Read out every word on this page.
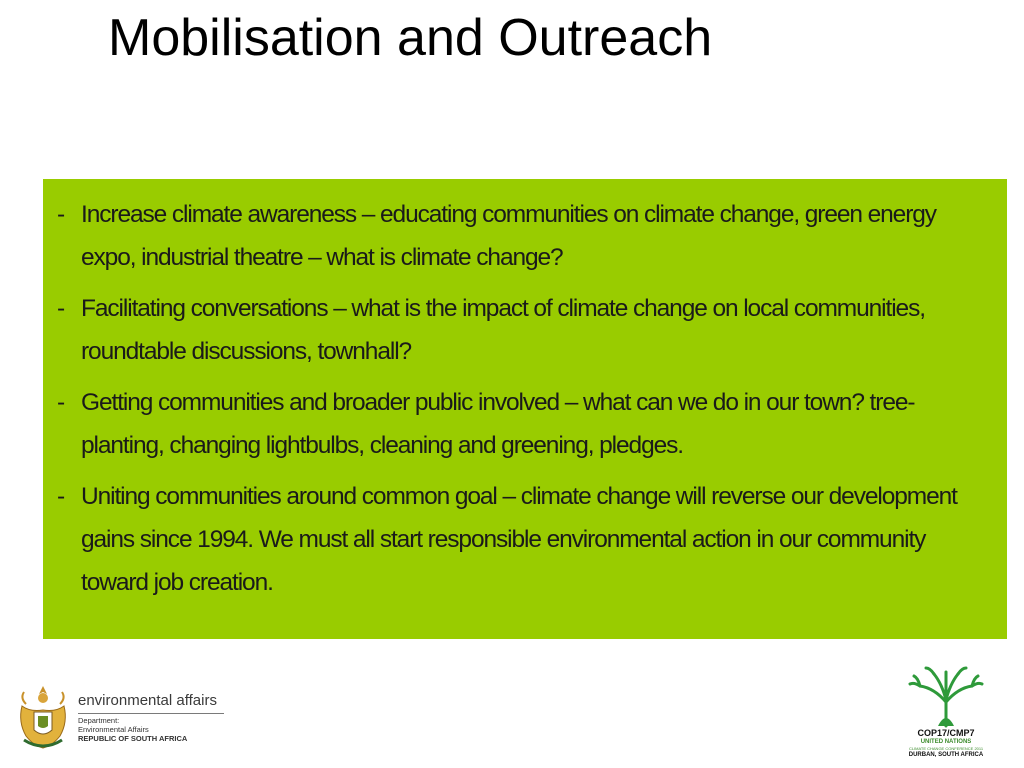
Mobilisation and Outreach
- Increase climate awareness – educating communities on climate change, green energy expo, industrial theatre – what is climate change?
- Facilitating conversations – what is the impact of climate change on local communities, roundtable discussions, townhall?
- Getting communities and broader public involved – what can we do in our town? tree-planting, changing lightbulbs, cleaning and greening, pledges.
- Uniting communities around common goal – climate change will reverse our development gains since 1994. We must all start responsible environmental action in our community toward job creation.
environmental affairs
Department:
Environmental Affairs
REPUBLIC OF SOUTH AFRICA
COP17/CMP7
UNITED NATIONS
CLIMATE CHANGE CONFERENCE 2011
DURBAN, SOUTH AFRICA
